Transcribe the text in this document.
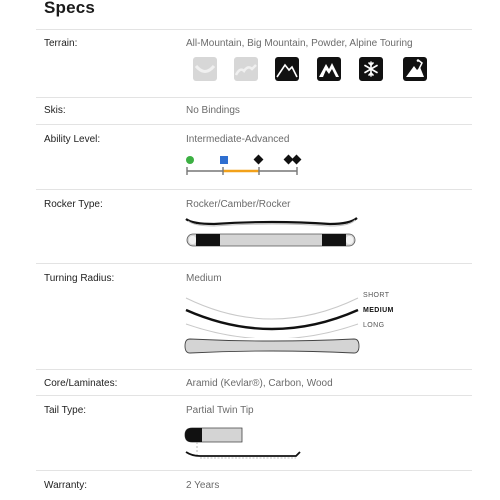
Specs
Terrain:	All-Mountain, Big Mountain, Powder, Alpine Touring
Skis:	No Bindings
Ability Level:	Intermediate-Advanced
Rocker Type:	Rocker/Camber/Rocker
Turning Radius:	Medium
SHORT
MEDIUM
LONG
Core/Laminates:	Aramid (Kevlar®), Carbon, Wood
Tail Type:	Partial Twin Tip
Warranty:	2 Years
